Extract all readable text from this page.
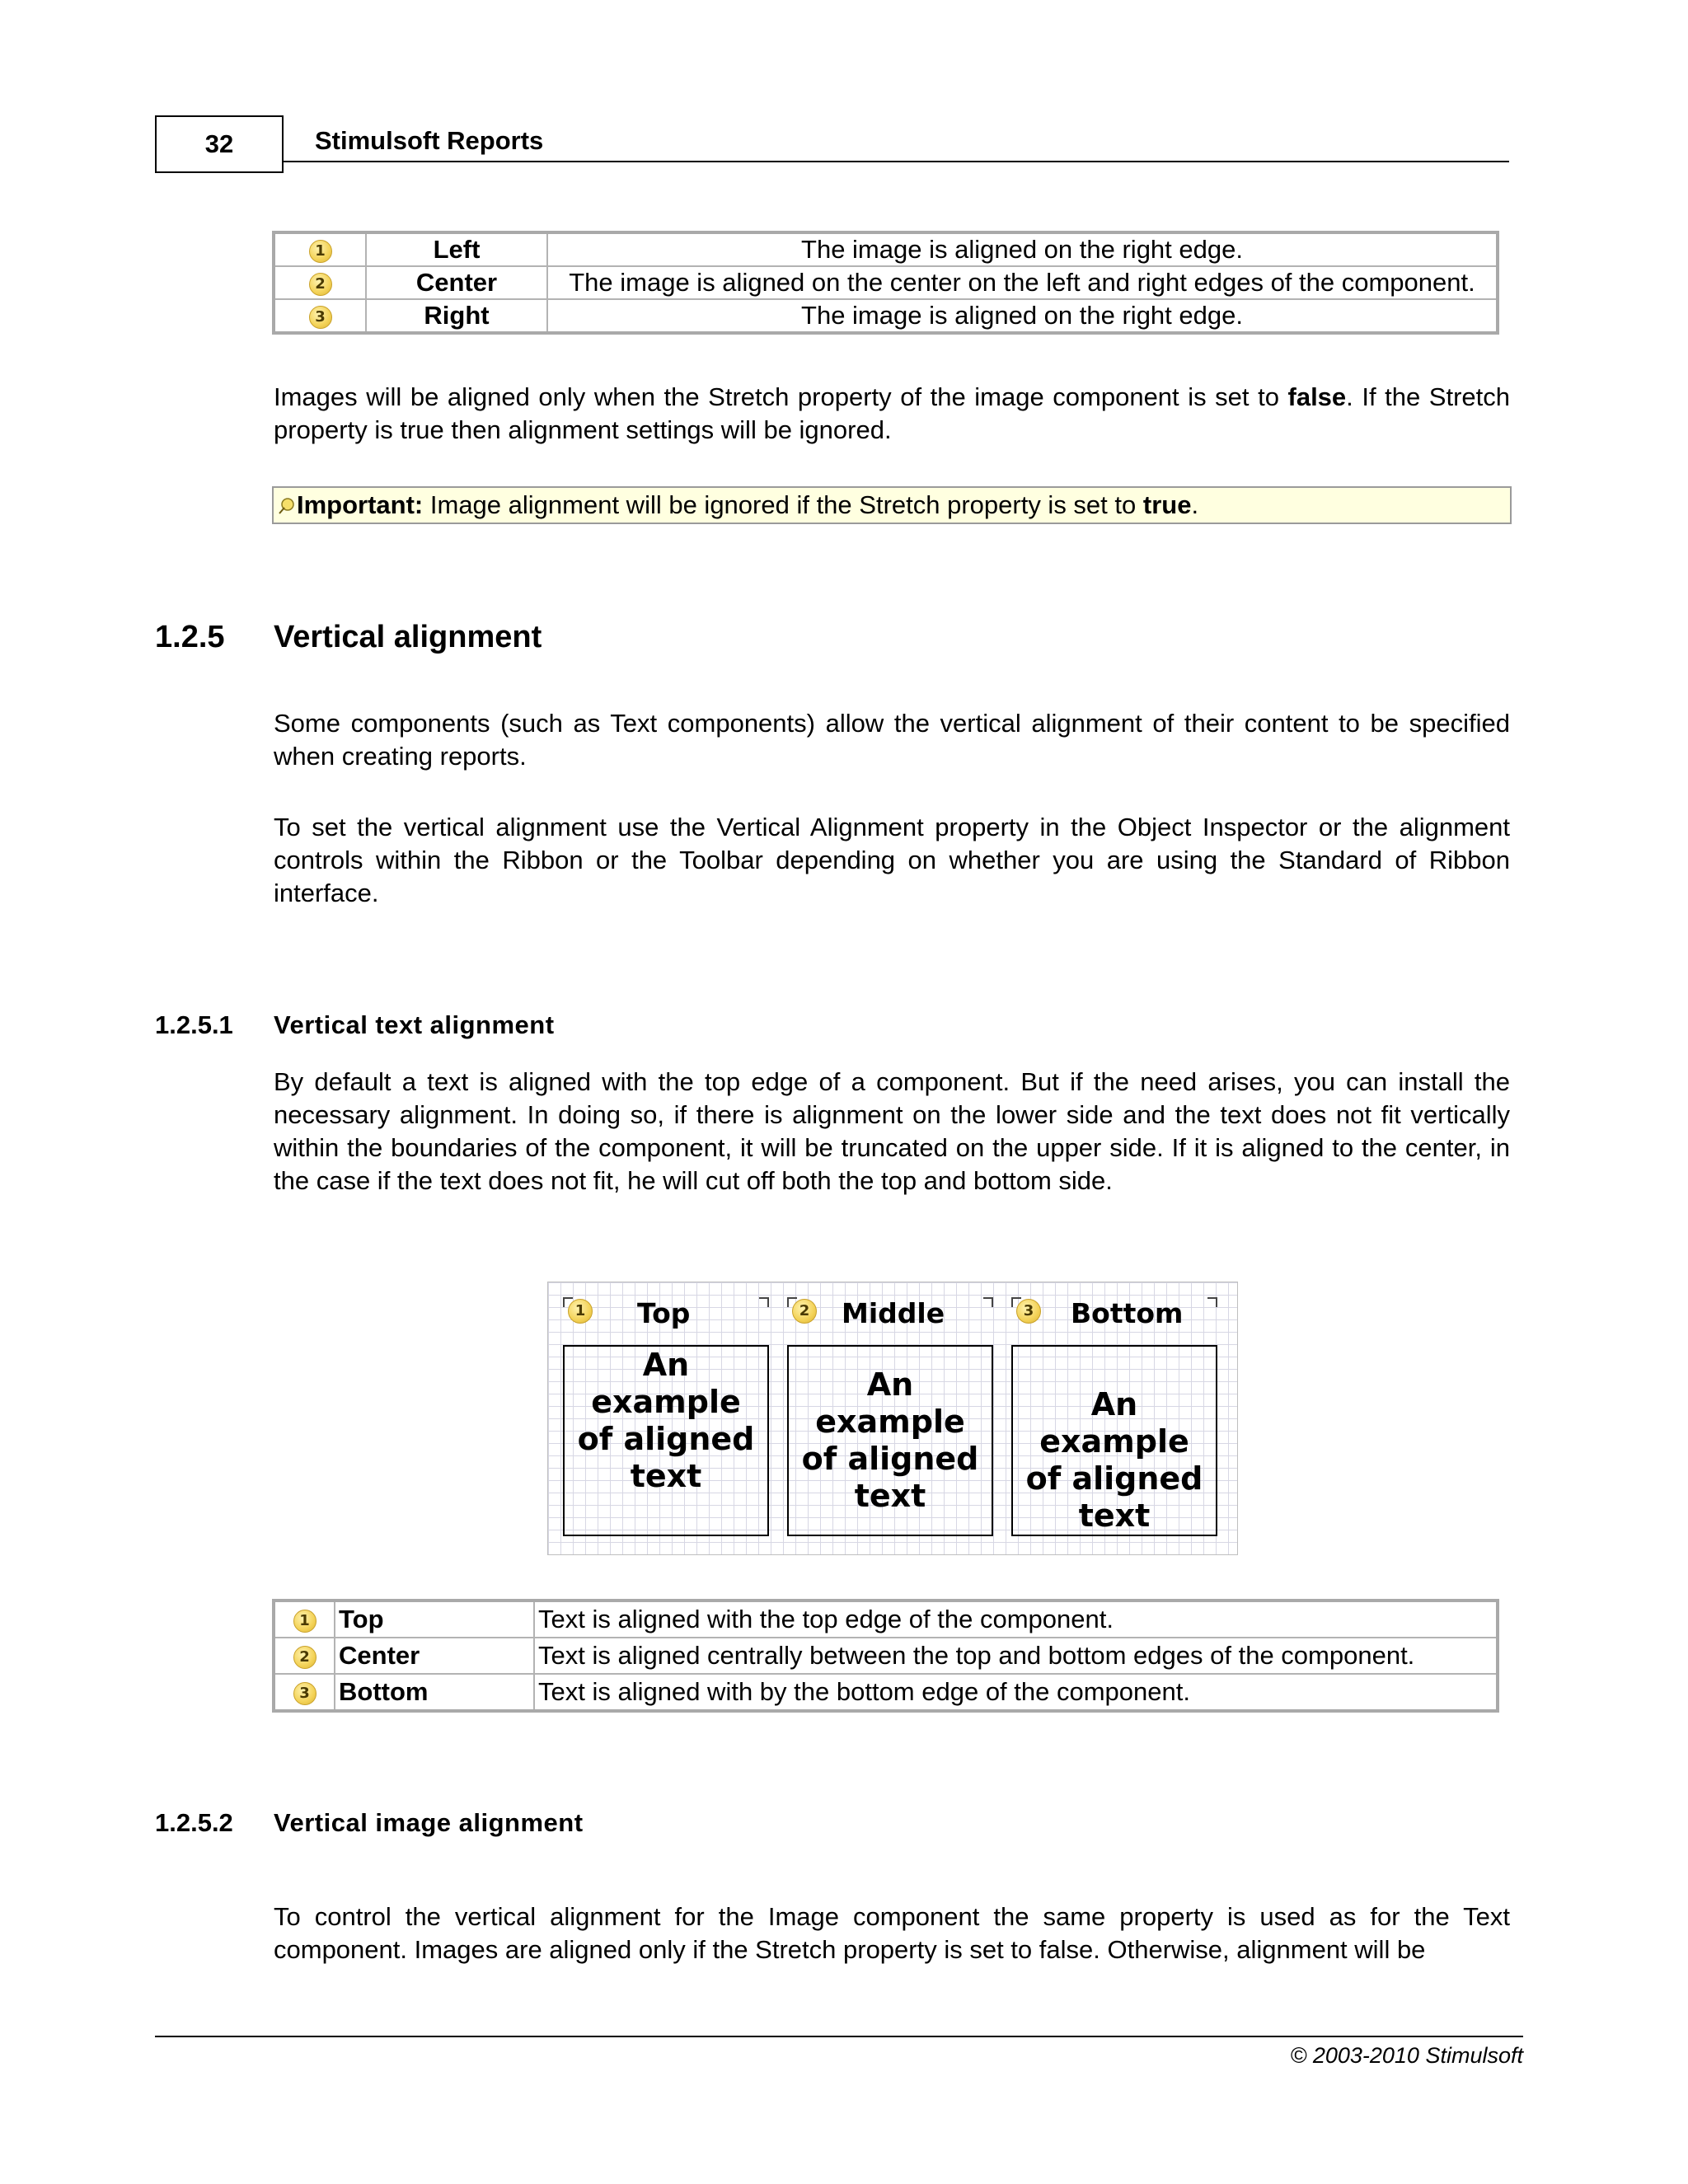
32	Stimulsoft Reports
1	Left	The image is aligned on the right edge.
2	Center	The image is aligned on the center on the left and right edges of the component.
3	Right	The image is aligned on the right edge.
Images will be aligned only when the Stretch property of the image component is set to false. If the Stretch property is true then alignment settings will be ignored.
Important: Image alignment will be ignored if the Stretch property is set to true.
1.2.5 Vertical alignment
Some components (such as Text components) allow the vertical alignment of their content to be specified when creating reports.
To set the vertical alignment use the Vertical Alignment property in the Object Inspector or the alignment controls within the Ribbon or the Toolbar depending on whether you are using the Standard of Ribbon interface.
1.2.5.1 Vertical text alignment
By default a text is aligned with the top edge of a component. But if the need arises, you can install the necessary alignment. In doing so, if there is alignment on the lower side and the text does not fit vertically within the boundaries of the component, it will be truncated on the upper side. If it is aligned to the center, in the case if the text does not fit, he will cut off both the top and bottom side.
1 Top
An example
of aligned
text
2 Middle
An example
of aligned
text
3 Bottom
An example
of aligned
text
1	Top	Text is aligned with the top edge of the component.
2	Center	Text is aligned centrally between the top and bottom edges of the component.
3	Bottom	Text is aligned with by the bottom edge of the component.
1.2.5.2 Vertical image alignment
To control the vertical alignment for the Image component the same property is used as for the Text component. Images are aligned only if the Stretch property is set to false. Otherwise, alignment will be
© 2003-2010 Stimulsoft
